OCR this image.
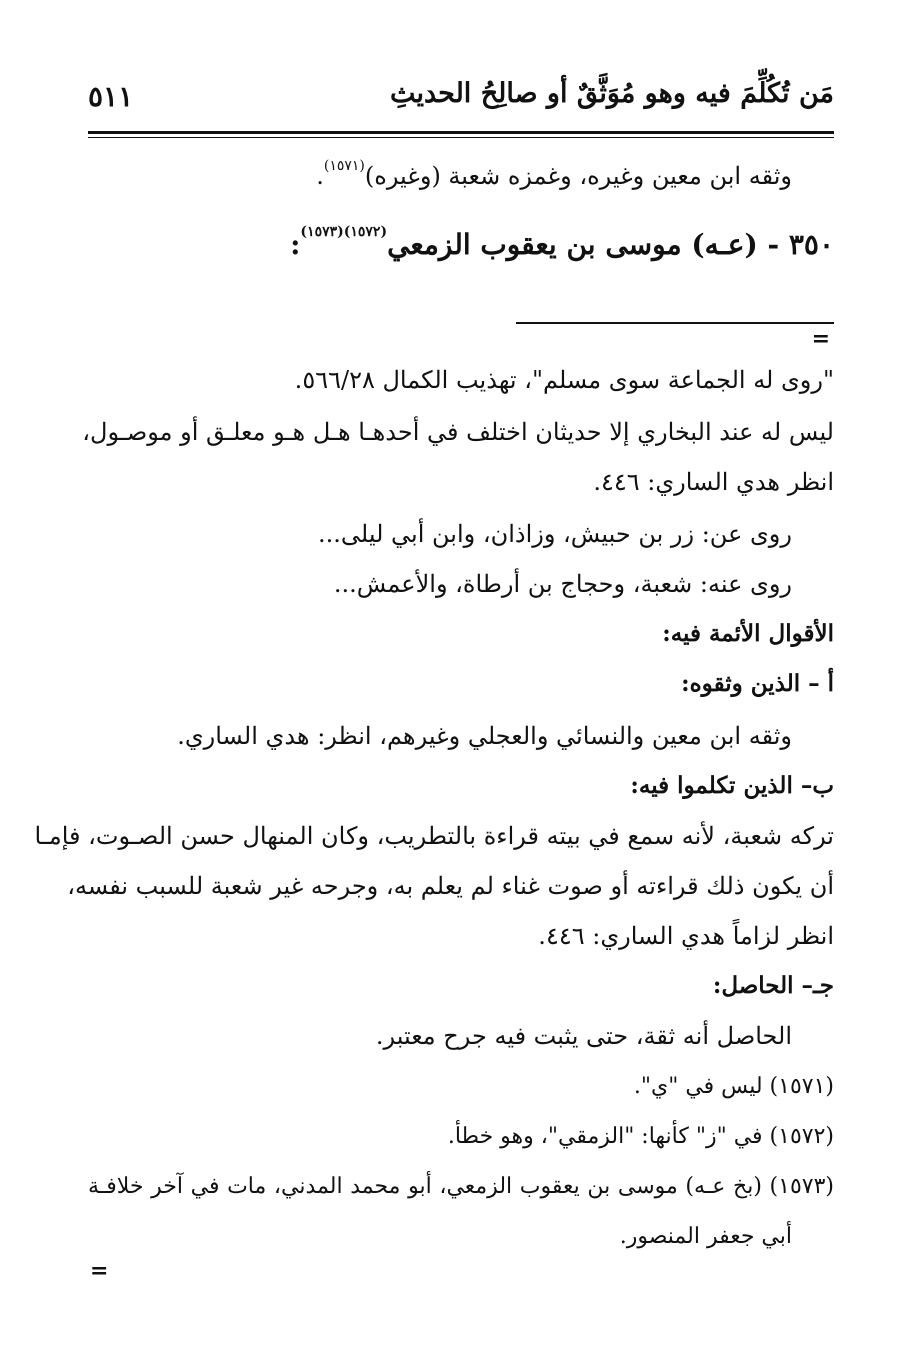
مَن تُكُلِّمَ فيه وهو مُوَثَّقٌ أو صالِحُ الحديثِ
٥١١
وثقه ابن معين وغيره، وغمزه شعبة (وغيره)$^{(١٥٧١)}$.
٣٥٠ - (عـه) موسى بن يعقوب الزمعي$^{(١٥٧٢)(١٥٧٣)}$:
=
"روى له الجماعة سوى مسلم"، تهذيب الكمال ٥٦٦/٢٨.
ليس له عند البخاري إلا حديثان اختلف في أحدهـا هـل هـو معلـق أو موصـول،
انظر هدي الساري: ٤٤٦.
روى عن: زر بن حبيش، وزاذان، وابن أبي ليلى...
روى عنه: شعبة، وحجاج بن أرطاة، والأعمش...
الأقوال الأئمة فيه:
أ – الذين وثقوه:
وثقه ابن معين والنسائي والعجلي وغيرهم، انظر: هدي الساري.
ب– الذين تكلموا فيه:
تركه شعبة، لأنه سمع في بيته قراءة بالتطريب، وكان المنهال حسن الصـوت، فإمـا
أن يكون ذلك قراءته أو صوت غناء لم يعلم به، وجرحه غير شعبة للسبب نفسه،
انظر لزاماً هدي الساري: ٤٤٦.
جـ– الحاصل:
الحاصل أنه ثقة، حتى يثبت فيه جرح معتبر.
(١٥٧١) ليس في "ي".
(١٥٧٢) في "ز" كأنها: "الزمقي"، وهو خطأ.
(١٥٧٣) (بخ عـه) موسى بن يعقوب الزمعي، أبو محمد المدني، مات في آخر خلافـة
أبي جعفر المنصور.
=
